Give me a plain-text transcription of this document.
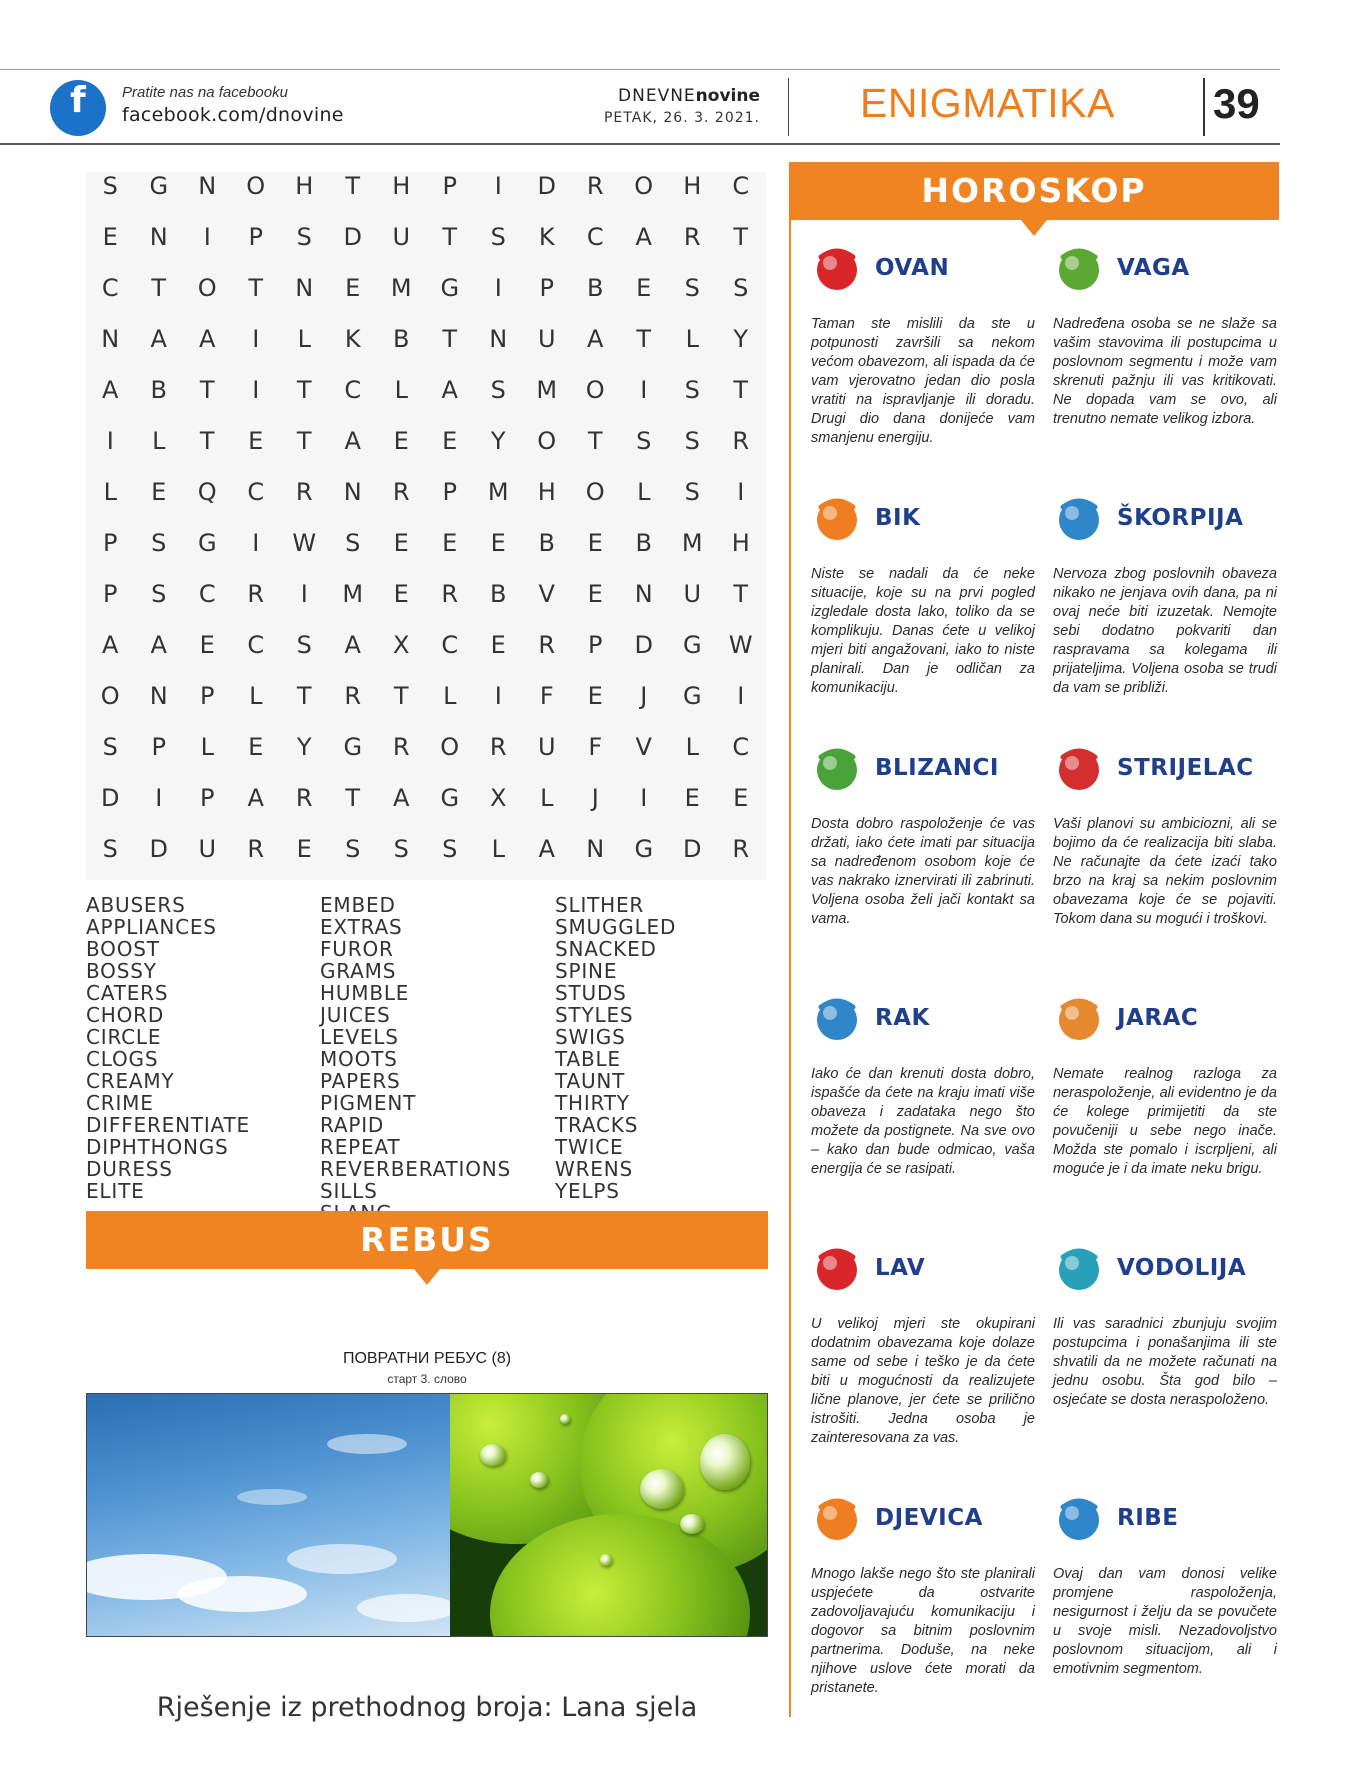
f	Pratite nas na facebooku
facebook.com/dnovine
DNEVNEnovine
PETAK, 26. 3. 2021. ENIGMATIKA 39
S	G	N	O	H	T	H	P	I	D	R	O	H	C
E	N	I	P	S	D	U	T	S	K	C	A	R	T
C	T	O	T	N	E	M	G	I	P	B	E	S	S
N	A	A	I	L	K	B	T	N	U	A	T	L	Y
A	B	T	I	T	C	L	A	S	M	O	I	S	T
I	L	T	E	T	A	E	E	Y	O	T	S	S	R
L	E	Q	C	R	N	R	P	M	H	O	L	S	I
P	S	G	I	W	S	E	E	E	B	E	B	M	H
P	S	C	R	I	M	E	R	B	V	E	N	U	T
A	A	E	C	S	A	X	C	E	R	P	D	G	W
O	N	P	L	T	R	T	L	I	F	E	J	G	I
S	P	L	E	Y	G	R	O	R	U	F	V	L	C
D	I	P	A	R	T	A	G	X	L	J	I	E	E
S	D	U	R	E	S	S	S	L	A	N	G	D	R
ABUSERS
APPLIANCES
BOOST
BOSSY
CATERS
CHORD
CIRCLE
CLOGS
CREAMY
CRIME
DIFFERENTIATE
DIPHTHONGS
DURESS
ELITE
EMBED
EXTRAS
FUROR
GRAMS
HUMBLE
JUICES
LEVELS
MOOTS
PAPERS
PIGMENT
RAPID
REPEAT
REVERBERATIONS
SILLS
SLITHER
SMUGGLED
SNACKED
SPINE
STUDS
STYLES
SWIGS
TABLE
TAUNT
THIRTY
TRACKS
TWICE
WRENS
YELPS
REBUS
ПОВРАТНИ РЕБУС (8)
старт 3. слово
Rješenje iz prethodnog broja: Lana sjela
HOROSKOP
OVAN
Taman ste mislili da ste u potpunosti završili sa nekom većom obavezom, ali ispada da će vam vjerovatno jedan dio posla vratiti na ispravljanje ili doradu. Drugi dio dana donijeće vam smanjenu energiju.
VAGA
Nadređena osoba se ne slaže sa vašim stavovima ili postupcima u poslovnom segmentu i može vam skrenuti pažnju ili vas kritikovati. Ne dopada vam se ovo, ali trenutno nemate velikog izbora.
BIK
Niste se nadali da će neke situacije, koje su na prvi pogled izgledale dosta lako, toliko da se komplikuju. Danas ćete u velikoj mjeri biti angažovani, iako to niste planirali. Dan je odličan za komunikaciju.
ŠKORPIJA
Nervoza zbog poslovnih obaveza nikako ne jenjava ovih dana, pa ni ovaj neće biti izuzetak. Nemojte sebi dodatno pokvariti dan raspravama sa kolegama ili prijateljima. Voljena osoba se trudi da vam se približi.
BLIZANCI
Dosta dobro raspoloženje će vas držati, iako ćete imati par situacija sa nadređenom osobom koje će vas nakrako iznervirati ili zabrinuti. Voljena osoba želi jači kontakt sa vama.
STRIJELAC
Vaši planovi su ambiciozni, ali se bojimo da će realizacija biti slaba. Ne računajte da ćete izaći tako brzo na kraj sa nekim poslovnim obavezama koje će se pojaviti. Tokom dana su mogući i troškovi.
RAK
Iako će dan krenuti dosta dobro, ispašće da ćete na kraju imati više obaveza i zadataka nego što možete da postignete. Na sve ovo – kako dan bude odmicao, vaša energija će se rasipati.
JARAC
Nemate realnog razloga za neraspoloženje, ali evidentno je da će kolege primijetiti da ste povučeniji u sebe nego inače. Možda ste pomalo i iscrpljeni, ali moguće je i da imate neku brigu.
LAV
U velikoj mjeri ste okupirani dodatnim obavezama koje dolaze same od sebe i teško je da ćete biti u mogućnosti da realizujete lične planove, jer ćete se prilično istrošiti. Jedna osoba je zainteresovana za vas.
VODOLIJA
Ili vas saradnici zbunjuju svojim postupcima i ponašanjima ili ste shvatili da ne možete računati na jednu osobu. Šta god bilo – osjećate se dosta neraspoloženo.
DJEVICA
Mnogo lakše nego što ste planirali uspjećete da ostvarite zadovoljavajuću komunikaciju i dogovor sa bitnim poslovnim partnerima. Doduše, na neke njihove uslove ćete morati da pristanete.
RIBE
Ovaj dan vam donosi velike promjene raspoloženja, nesigurnost i želju da se povučete u svoje misli. Nezadovoljstvo poslovnom situacijom, ali i emotivnim segmentom.
